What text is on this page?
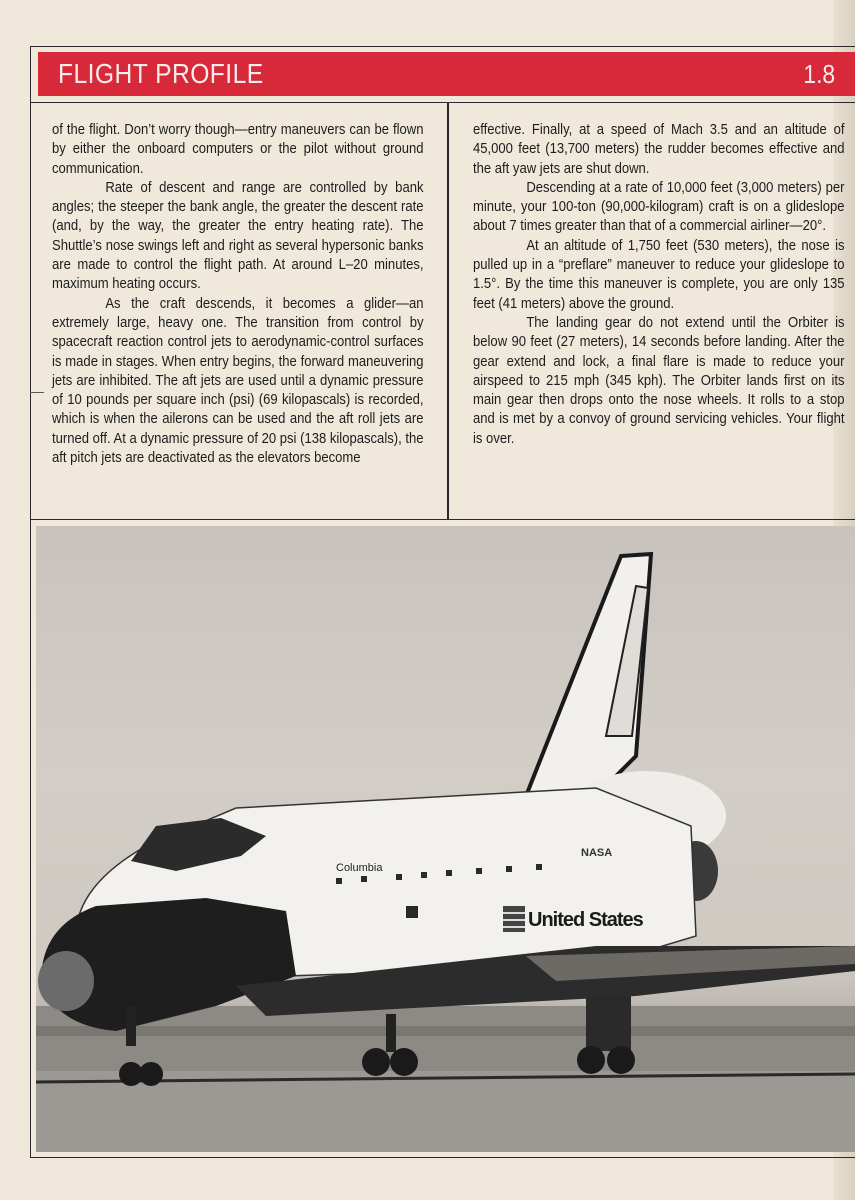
FLIGHT PROFILE	1.8

of the flight. Don’t worry though—entry maneuvers can be flown by either the onboard computers or the pilot without ground communication.

Rate of descent and range are controlled by bank angles; the steeper the bank angle, the greater the descent rate (and, by the way, the greater the entry heating rate). The Shuttle’s nose swings left and right as several hypersonic banks are made to control the flight path. At around L–20 minutes, maximum heating occurs.

As the craft descends, it becomes a glider—an extremely large, heavy one. The transition from control by spacecraft reaction control jets to aerodynamic-control surfaces is made in stages. When entry begins, the forward maneuvering jets are inhibited. The aft jets are used until a dynamic pressure of 10 pounds per square inch (psi) (69 kilopascals) is recorded, which is when the ailerons can be used and the aft roll jets are turned off. At a dynamic pressure of 20 psi (138 kilopascals), the aft pitch jets are deactivated as the elevators become

effective. Finally, at a speed of Mach 3.5 and an altitude of 45,000 feet (13,700 meters) the rudder becomes effective and the aft yaw jets are shut down.

Descending at a rate of 10,000 feet (3,000 meters) per minute, your 100-ton (90,000-kilogram) craft is on a glideslope about 7 times greater than that of a commercial airliner—20°.

At an altitude of 1,750 feet (530 meters), the nose is pulled up in a “preflare” maneuver to reduce your glideslope to 1.5°. By the time this maneuver is complete, you are only 135 feet (41 meters) above the ground.

The landing gear do not extend until the Orbiter is below 90 feet (27 meters), 14 seconds before landing. After the gear extend and lock, a final flare is made to reduce your airspeed to 215 mph (345 kph). The Orbiter lands first on its main gear then drops onto the nose wheels. It rolls to a stop and is met by a convoy of ground servicing vehicles. Your flight is over.

Columbia
NASA
United States
